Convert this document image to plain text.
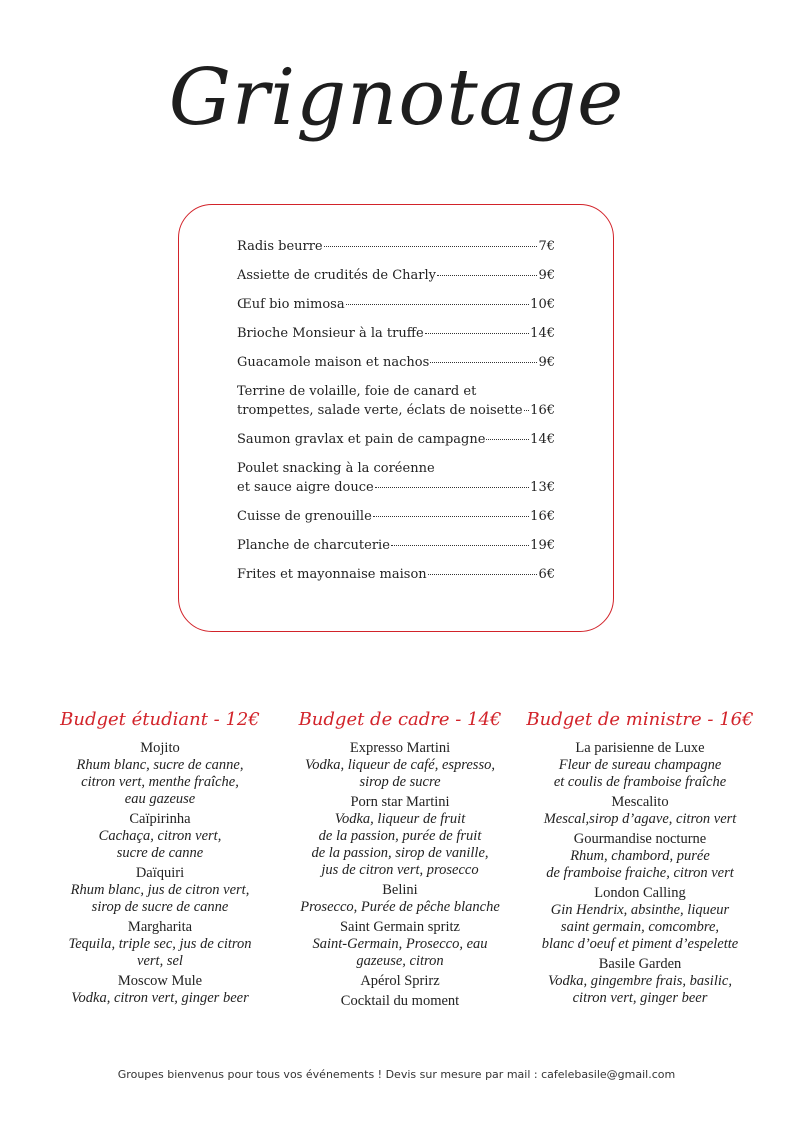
Grignotage
Radis beurre	7€
Assiette de crudités de Charly	9€
Œuf bio mimosa	10€
Brioche Monsieur à la truffe	14€
Guacamole maison et nachos	9€
Terrine de volaille, foie de canard et
trompettes, salade verte, éclats de noisette 16€
Saumon gravlax et pain de campagne	14€
Poulet snacking à la coréenne
et sauce aigre douce	13€
Cuisse de grenouille	16€
Planche de charcuterie	19€
Frites et mayonnaise maison	6€
Budget étudiant - 12€
Mojito
Rhum blanc, sucre de canne,
citron vert, menthe fraîche,
eau gazeuse
Caïpirinha
Cachaça, citron vert,
sucre de canne
Daïquiri
Rhum blanc, jus de citron vert,
sirop de sucre de canne
Margharita
Tequila, triple sec, jus de citron
vert, sel
Moscow Mule
Vodka, citron vert, ginger beer
Budget de cadre - 14€
Expresso Martini
Vodka, liqueur de café, espresso,
sirop de sucre
Porn star Martini
Vodka, liqueur de fruit
de la passion, purée de fruit
de la passion, sirop de vanille,
jus de citron vert, prosecco
Belini
Prosecco, Purée de pêche blanche
Saint Germain spritz
Saint-Germain, Prosecco, eau
gazeuse, citron
Apérol Sprirz
Cocktail du moment
Budget de ministre - 16€
La parisienne de Luxe
Fleur de sureau champagne
et coulis de framboise fraîche
Mescalito
Mescal,sirop d’agave, citron vert
Gourmandise nocturne
Rhum, chambord, purée
de framboise fraiche, citron vert
London Calling
Gin Hendrix, absinthe, liqueur
saint germain, comcombre,
blanc d’oeuf et piment d’espelette
Basile Garden
Vodka, gingembre frais, basilic,
citron vert, ginger beer
Groupes bienvenus pour tous vos événements ! Devis sur mesure par mail : cafelebasile@gmail.com
